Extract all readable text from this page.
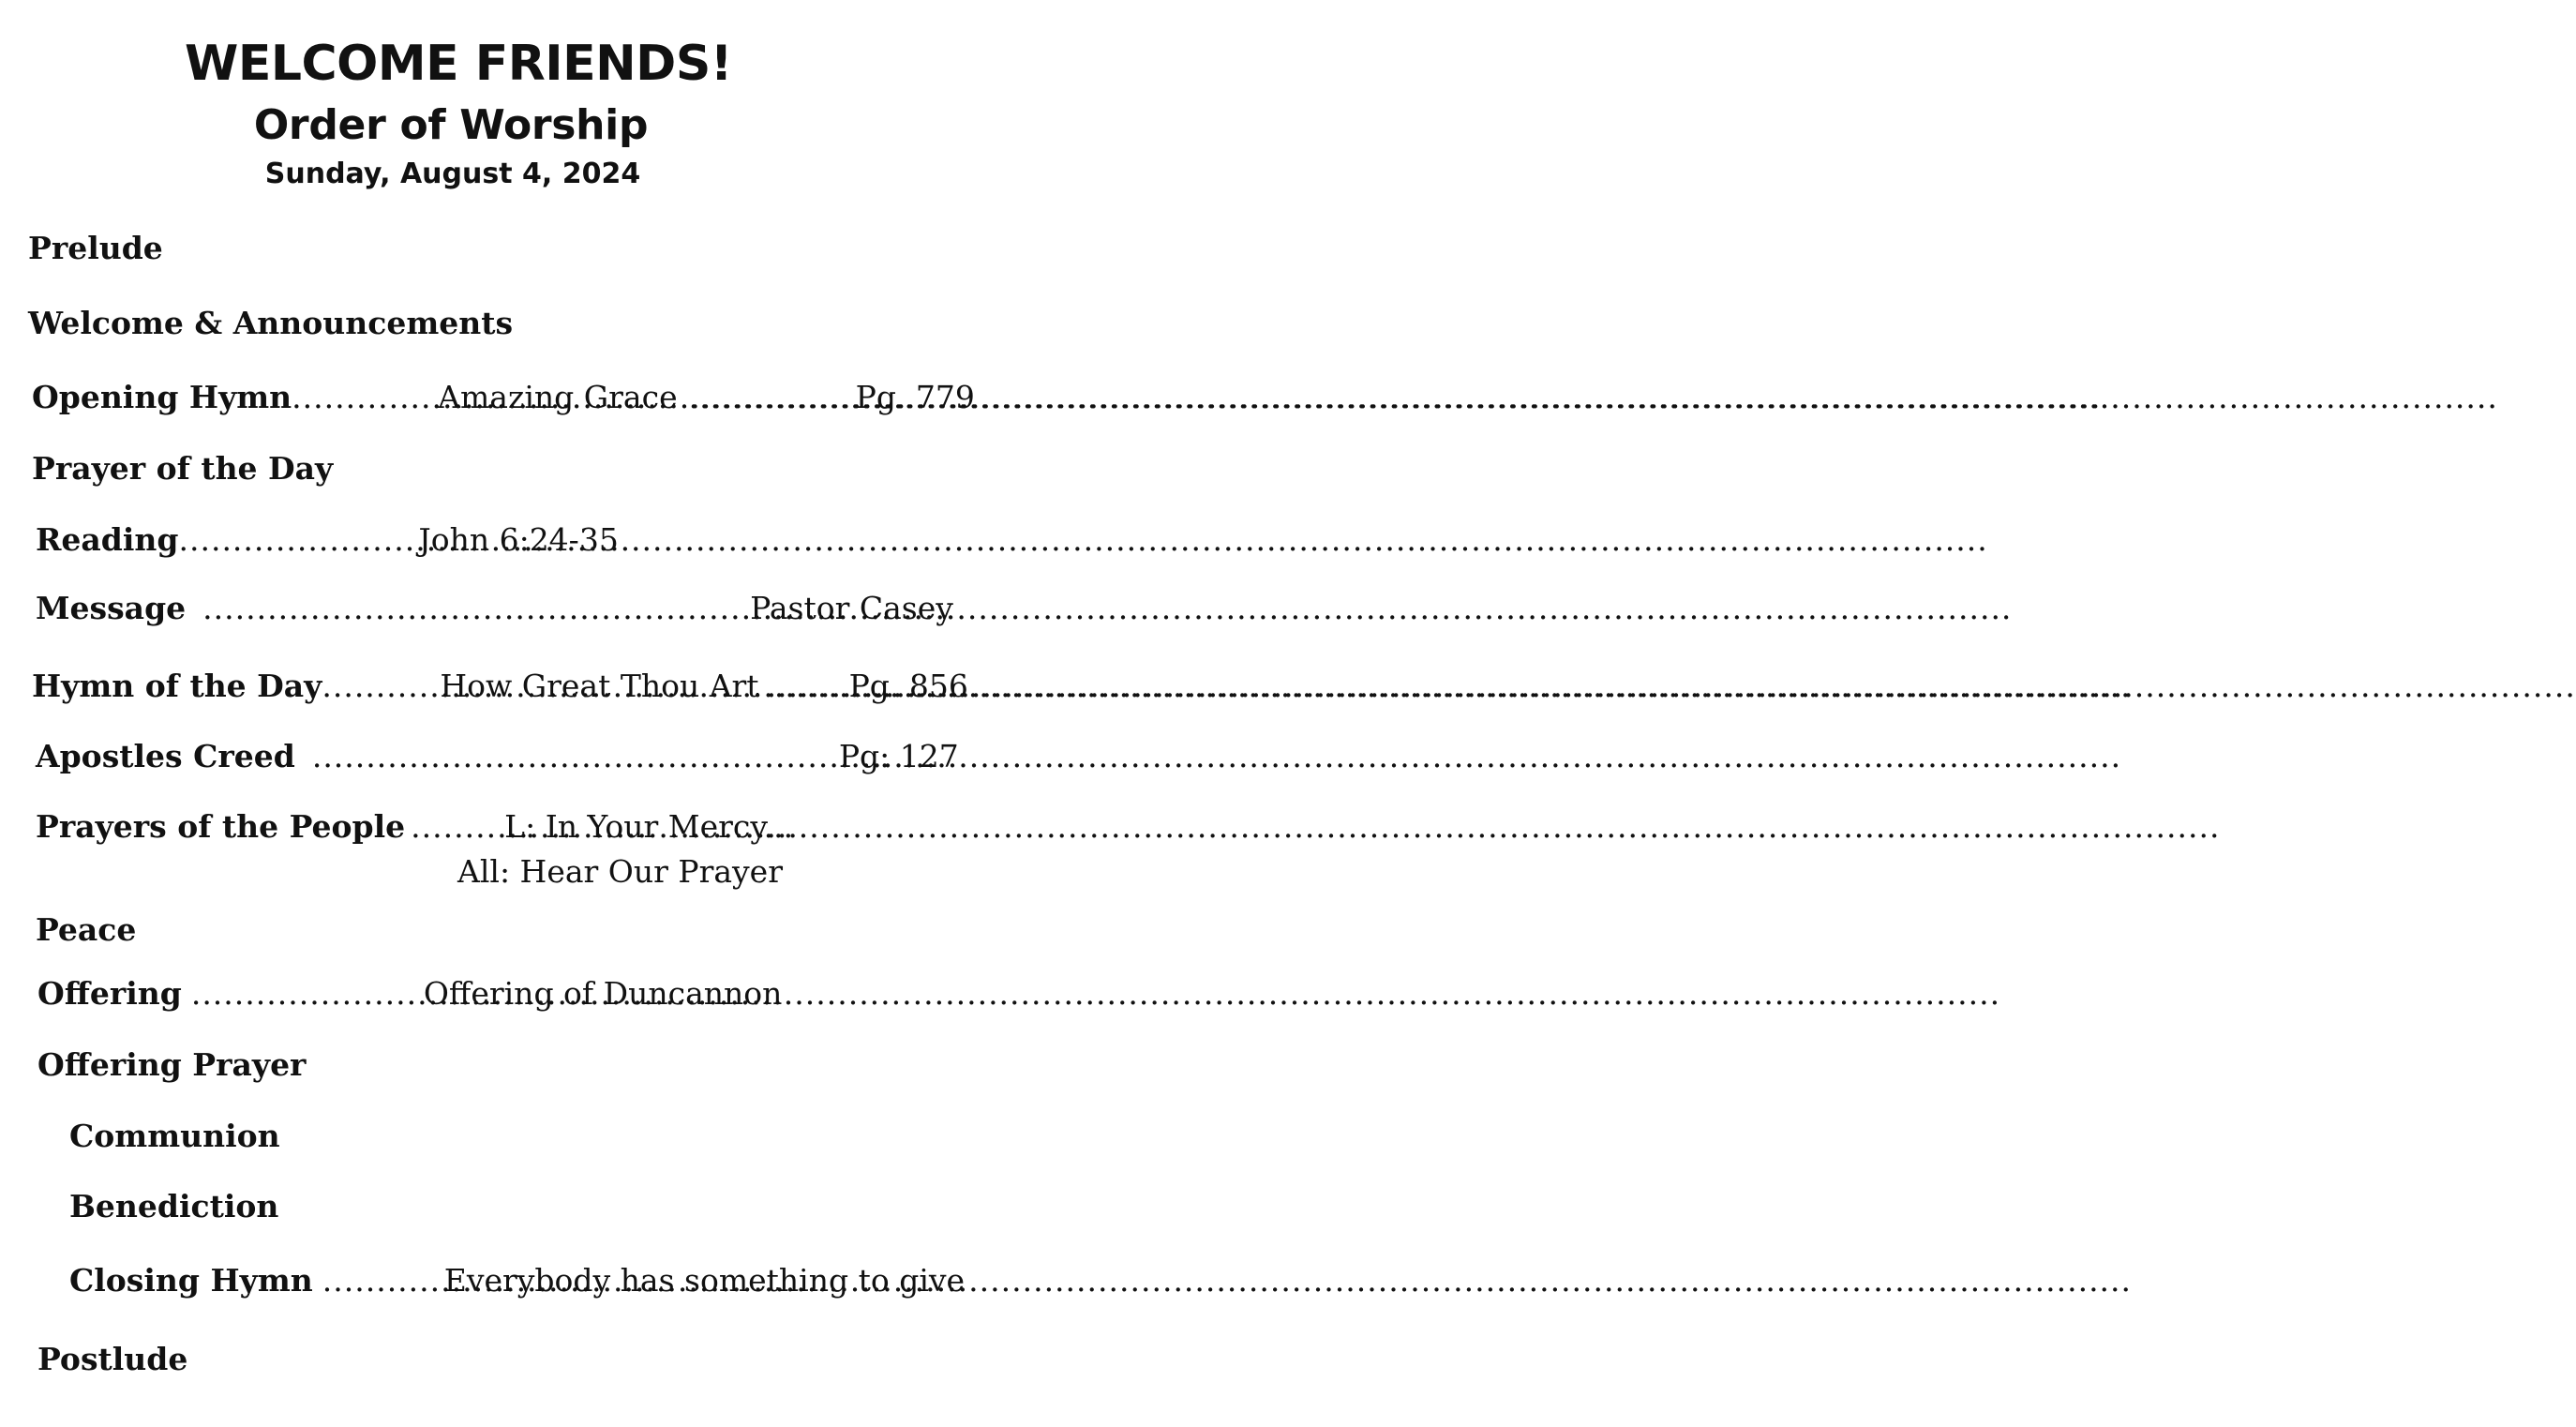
WELCOME FRIENDS!
Order of Worship
Sunday, August 4, 2024
Prelude
Welcome & Announcements
Opening Hymn .....	Amazing Grace .....	Pg. 779
Prayer of the Day
Reading .....	John 6:24-35
Message .....	Pastor Casey
Hymn of the Day .....	How Great Thou Art .....	Pg. 856
Apostles Creed .....	Pg: 127
Prayers of the People .....	L: In Your Mercy...
All: Hear Our Prayer
Peace
Offering .....	Offering of Duncannon
Offering Prayer
Communion
Benediction
Closing Hymn .....	Everybody has something to give
Postlude
